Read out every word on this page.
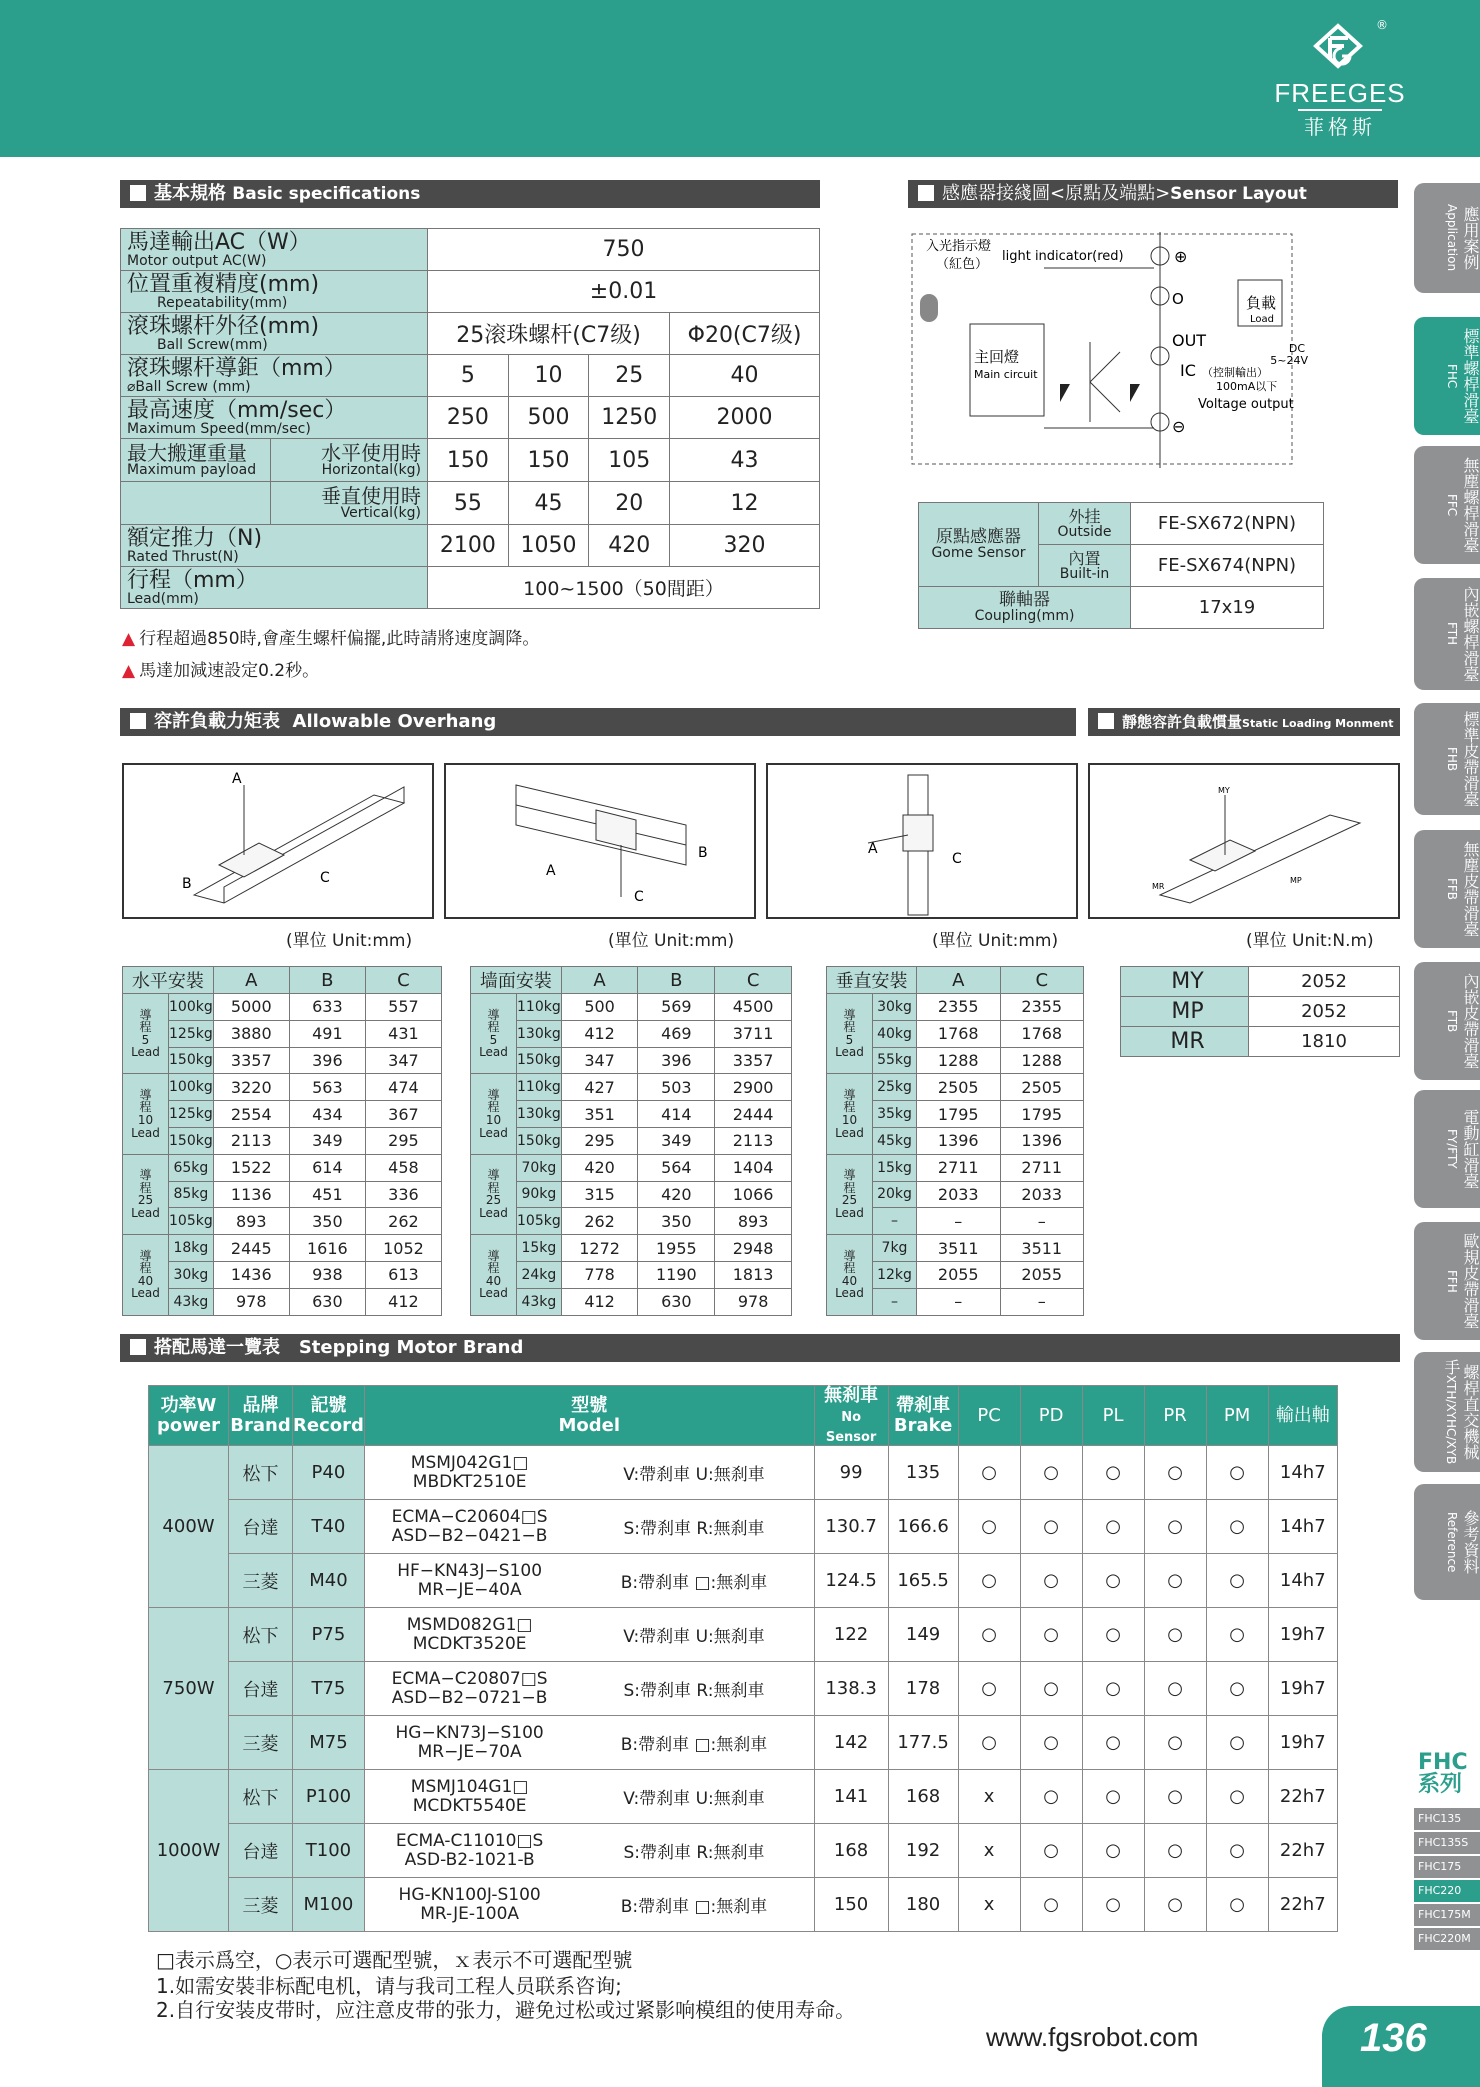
®
FREEGES
菲格斯
基本規格 Basic specifications
馬達輸出AC（W）
Motor output AC(W)	750			

位置重複精度(mm)
Repeatability(mm)	±0.01			

滾珠螺杆外径(mm)
Ball Screw(mm)	25滚珠螺杆(C7级)			Φ20(C7级)

滾珠螺杆導鉅（mm）
⌀Ball Screw (mm)	5	10	25	40

最高速度（mm/sec）
Maximum Speed(mm/sec)	250	500	1250	2000

最大搬運重量
Maximum payload
水平使用時
Horizontal(kg)	150	150	105	43

垂直使用時
Vertical(kg)	55	45	20	12

額定推力（N)
Rated Thrust(N)	2100	1050	420	320

行程（mm）
Lead(mm)	100~1500（50間距）			
▲ 行程超過850時,會產生螺杆偏擺,此時請將速度調降。
▲ 馬達加減速設定0.2秒。
感應器接綫圖<原點及端點>Sensor Layout
入光指示燈
（紅色）
light indicator(red)
主回燈
Main circuit
⊕
O
OUT
IC （控制輸出）
100mA以下
Voltage output
⊖
負載
Load
DC
5~24V
原點感應器
Gome Sensor	外挂
Outside	FE-SX672(NPN)

	內置
Built-in	FE-SX674(NPN)

聯軸器
Coupling(mm)		17x19
容許負載力矩表 Allowable Overhang	靜態容許負載慣量Static Loading Monment
A
B	C	A
B
C
A
C
MY
MP
MR
(單位 Unit:mm)	(單位 Unit:mm)	(單位 Unit:mm)	(單位 Unit:N.m)
水平安裝		A	B	C

導
程
5
Lead	100kg	5000	633	557
	125kg	3880	491	431
	150kg	3357	396	347

導
程
10
Lead	100kg	3220	563	474
	125kg	2554	434	367
	150kg	2113	349	295

導
程
25
Lead	65kg	1522	614	458
	85kg	1136	451	336
	105kg	893	350	262

導
程
40
Lead	18kg	2445	1616	1052
	30kg	1436	938	613
	43kg	978	630	412
墙面安裝		A	B	C

導
程
5
Lead	110kg	500	569	4500
	130kg	412	469	3711
	150kg	347	396	3357

導
程
10
Lead	110kg	427	503	2900
	130kg	351	414	2444
	150kg	295	349	2113

導
程
25
Lead	70kg	420	564	1404
	90kg	315	420	1066
	105kg	262	350	893

導
程
40
Lead	15kg	1272	1955	2948
	24kg	778	1190	1813
	43kg	412	630	978
垂直安裝		A	C

導
程
5
Lead	30kg	2355	2355
	40kg	1768	1768
	55kg	1288	1288

導
程
10
Lead	25kg	2505	2505
	35kg	1795	1795
	45kg	1396	1396

導
程
25
Lead	15kg	2711	2711
	20kg	2033	2033
	–	–	–

導
程
40
Lead	7kg	3511	3511
	12kg	2055	2055
	–	–	–
MY	2052
MP	2052
MR	1810
搭配馬達一覽表 Stepping Motor Brand
功率W
power	品牌
Brand	記號
Record	型號
Model		無刹車
No Sensor	帶刹車
Brake	PC	PD	PL	PR	PM	輸出軸
400W	松下	P40	MSMJ042G1□
MBDKT2510E	V:帶刹車 U:無刹車	99	135	○	○	○	○	○	14h7
	台達	T40	ECMA−C20604□S
ASD−B2−0421−B	S:帶刹車 R:無刹車	130.7	166.6	○	○	○	○	○	14h7
	三菱	M40	HF−KN43J−S100
MR−JE−40A	B:帶刹車 □:無刹車	124.5	165.5	○	○	○	○	○	14h7
750W	松下	P75	MSMD082G1□
MCDKT3520E	V:帶刹車 U:無刹車	122	149	○	○	○	○	○	19h7
	台達	T75	ECMA−C20807□S
ASD−B2−0721−B	S:帶刹車 R:無刹車	138.3	178	○	○	○	○	○	19h7
	三菱	M75	HG−KN73J−S100
MR−JE−70A	B:帶刹車 □:無刹車	142	177.5	○	○	○	○	○	19h7
1000W	松下	P100	MSMJ104G1□
MCDKT5540E	V:帶刹車 U:無刹車	141	168	x	○	○	○	○	22h7
	台達	T100	ECMA-C11010□S
ASD-B2-1021-B	S:帶刹車 R:無刹車	168	192	x	○	○	○	○	22h7
	三菱	M100	HG-KN100J-S100
MR-JE-100A	B:帶刹車 □:無刹車	150	180	x	○	○	○	○	22h7
□表示爲空，○表示可選配型號，ｘ表示不可選配型號
1.如需安裝非标配电机，请与我司工程人员联系咨询;
2.自行安装皮带时，应注意皮带的张力，避免过松或过紧影响模组的使用寿命。
應用案例Application
標準螺桿滑臺FHC
無塵螺桿滑臺FFC
內嵌螺桿滑臺FTH
標準皮帶滑臺FHB
無塵皮帶滑臺FFB
內嵌皮帶滑臺FTB
電動缸滑臺FY/FTY
歐規皮帶滑臺FFH
螺桿直交機械手XTH/XYHC/XYB
參考資料Reference
FHC
系列
FHC135
FHC135S
FHC175
FHC220
FHC175M
FHC220M
www.fgsrobot.com	136
